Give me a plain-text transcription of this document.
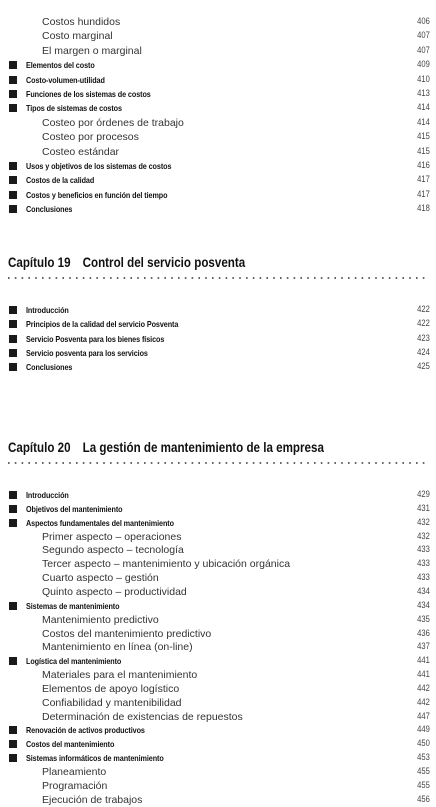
Costos hundidos	406
Costo marginal	407
El margen o marginal	407
Elementos del costo	409
Costo-volumen-utilidad	410
Funciones de los sistemas de costos	413
Tipos de sistemas de costos	414
Costeo por órdenes de trabajo	414
Costeo por procesos	415
Costeo estándar	415
Usos y objetivos de los sistemas de costos	416
Costos de la calidad	417
Costos y beneficios en función del tiempo	417
Conclusiones	418
Capítulo 19 Control del servicio posventa
Introducción	422
Principios de la calidad del servicio Posventa	422
Servicio Posventa para los bienes físicos	423
Servicio posventa para los servicios	424
Conclusiones	425
Capítulo 20 La gestión de mantenimiento de la empresa
Introducción	429
Objetivos del mantenimiento	431
Aspectos fundamentales del mantenimiento	432
Primer aspecto – operaciones	432
Segundo aspecto – tecnología	433
Tercer aspecto – mantenimiento y ubicación orgánica	433
Cuarto aspecto – gestión	433
Quinto aspecto – productividad	434
Sistemas de mantenimiento	434
Mantenimiento predictivo	435
Costos del mantenimiento predictivo	436
Mantenimiento en línea (on-line)	437
Logística del mantenimiento	441
Materiales para el mantenimiento	441
Elementos de apoyo logístico	442
Confiabilidad y mantenibilidad	442
Determinación de existencias de repuestos	447
Renovación de activos productivos	449
Costos del mantenimiento	450
Sistemas informáticos de mantenimiento	453
Planeamiento	455
Programación	455
Ejecución de trabajos	456
